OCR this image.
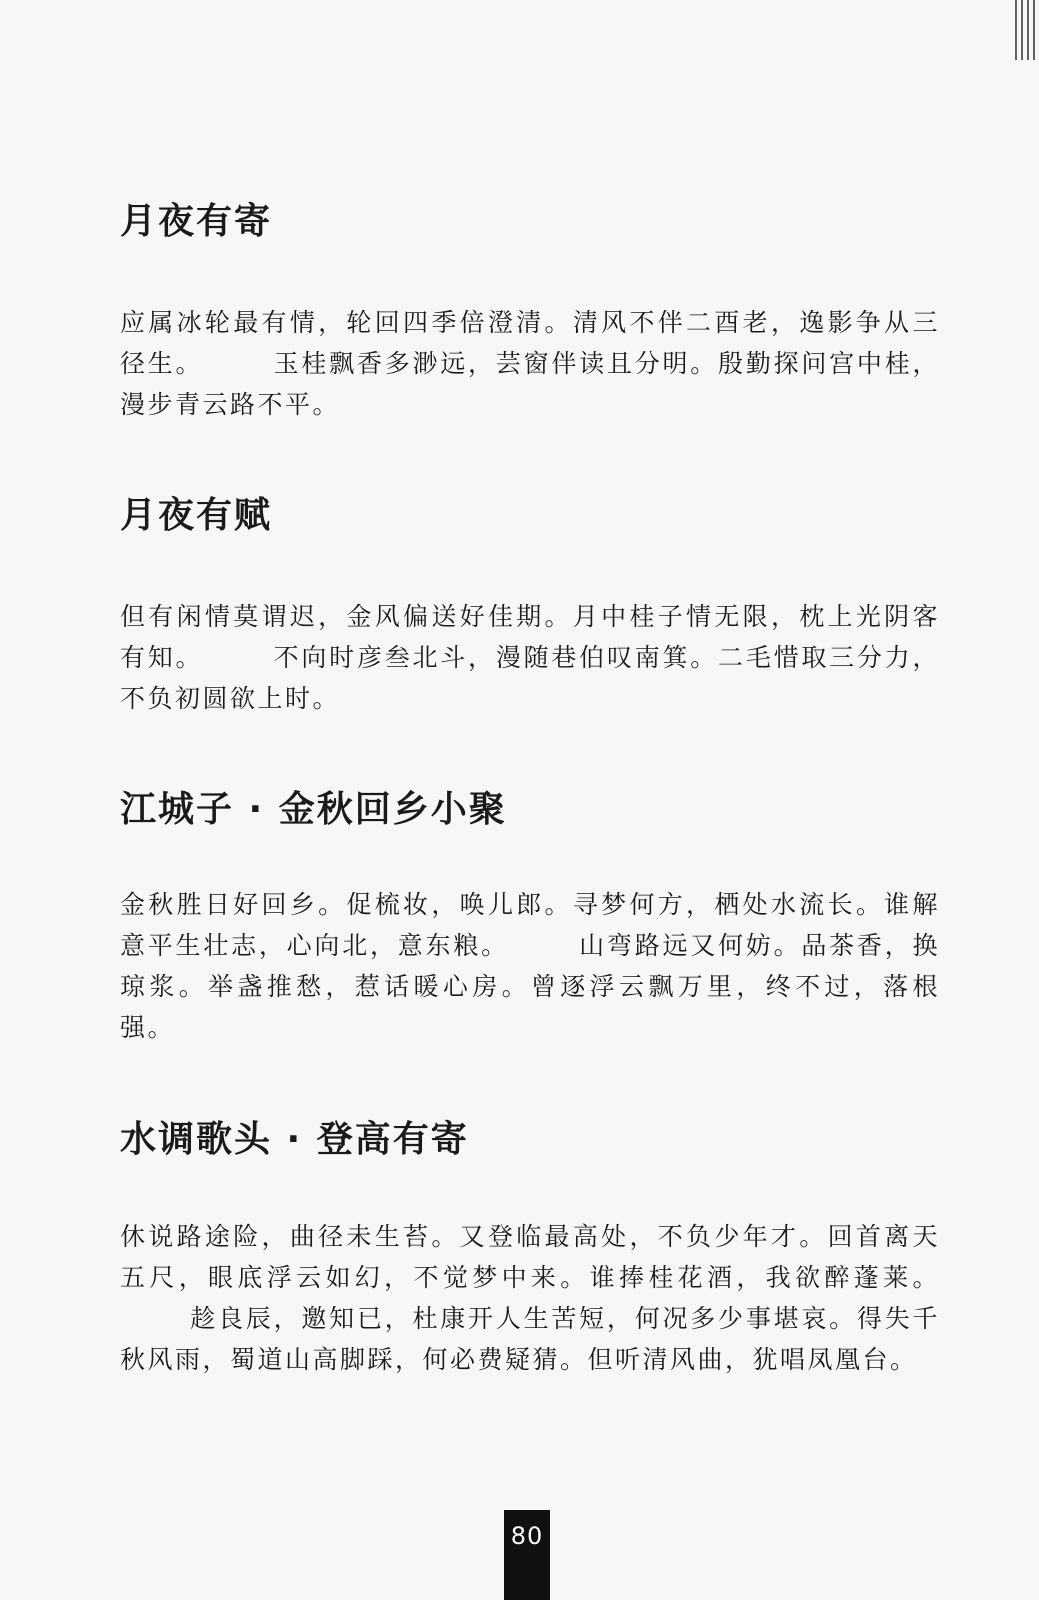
月夜有寄

应属冰轮最有情，轮回四季倍澄清。清风不伴二酉老，逸影争从三径生。	玉桂飘香多渺远，芸窗伴读且分明。殷勤探问宫中桂，漫步青云路不平。

月夜有赋

但有闲情莫谓迟，金风偏送好佳期。月中桂子情无限，枕上光阴客有知。	不向时彦叁北斗，漫随巷伯叹南箕。二毛惜取三分力，不负初圆欲上时。

江城子 · 金秋回乡小聚

金秋胜日好回乡。促梳妆，唤儿郎。寻梦何方，栖处水流长。谁解意平生壮志，心向北，意东粮。	山弯路远又何妨。品茶香，换琼浆。举盏推愁，惹话暖心房。曾逐浮云飘万里，终不过，落根强。

水调歌头 · 登高有寄

休说路途险，曲径未生苔。又登临最高处，不负少年才。回首离天五尺，眼底浮云如幻，不觉梦中来。谁捧桂花酒，我欲醉蓬莱。趁良辰，邀知已，杜康开人生苦短，何况多少事堪哀。得失千秋风雨，蜀道山高脚踩，何必费疑猜。但听清风曲，犹唱凤凰台。

80
